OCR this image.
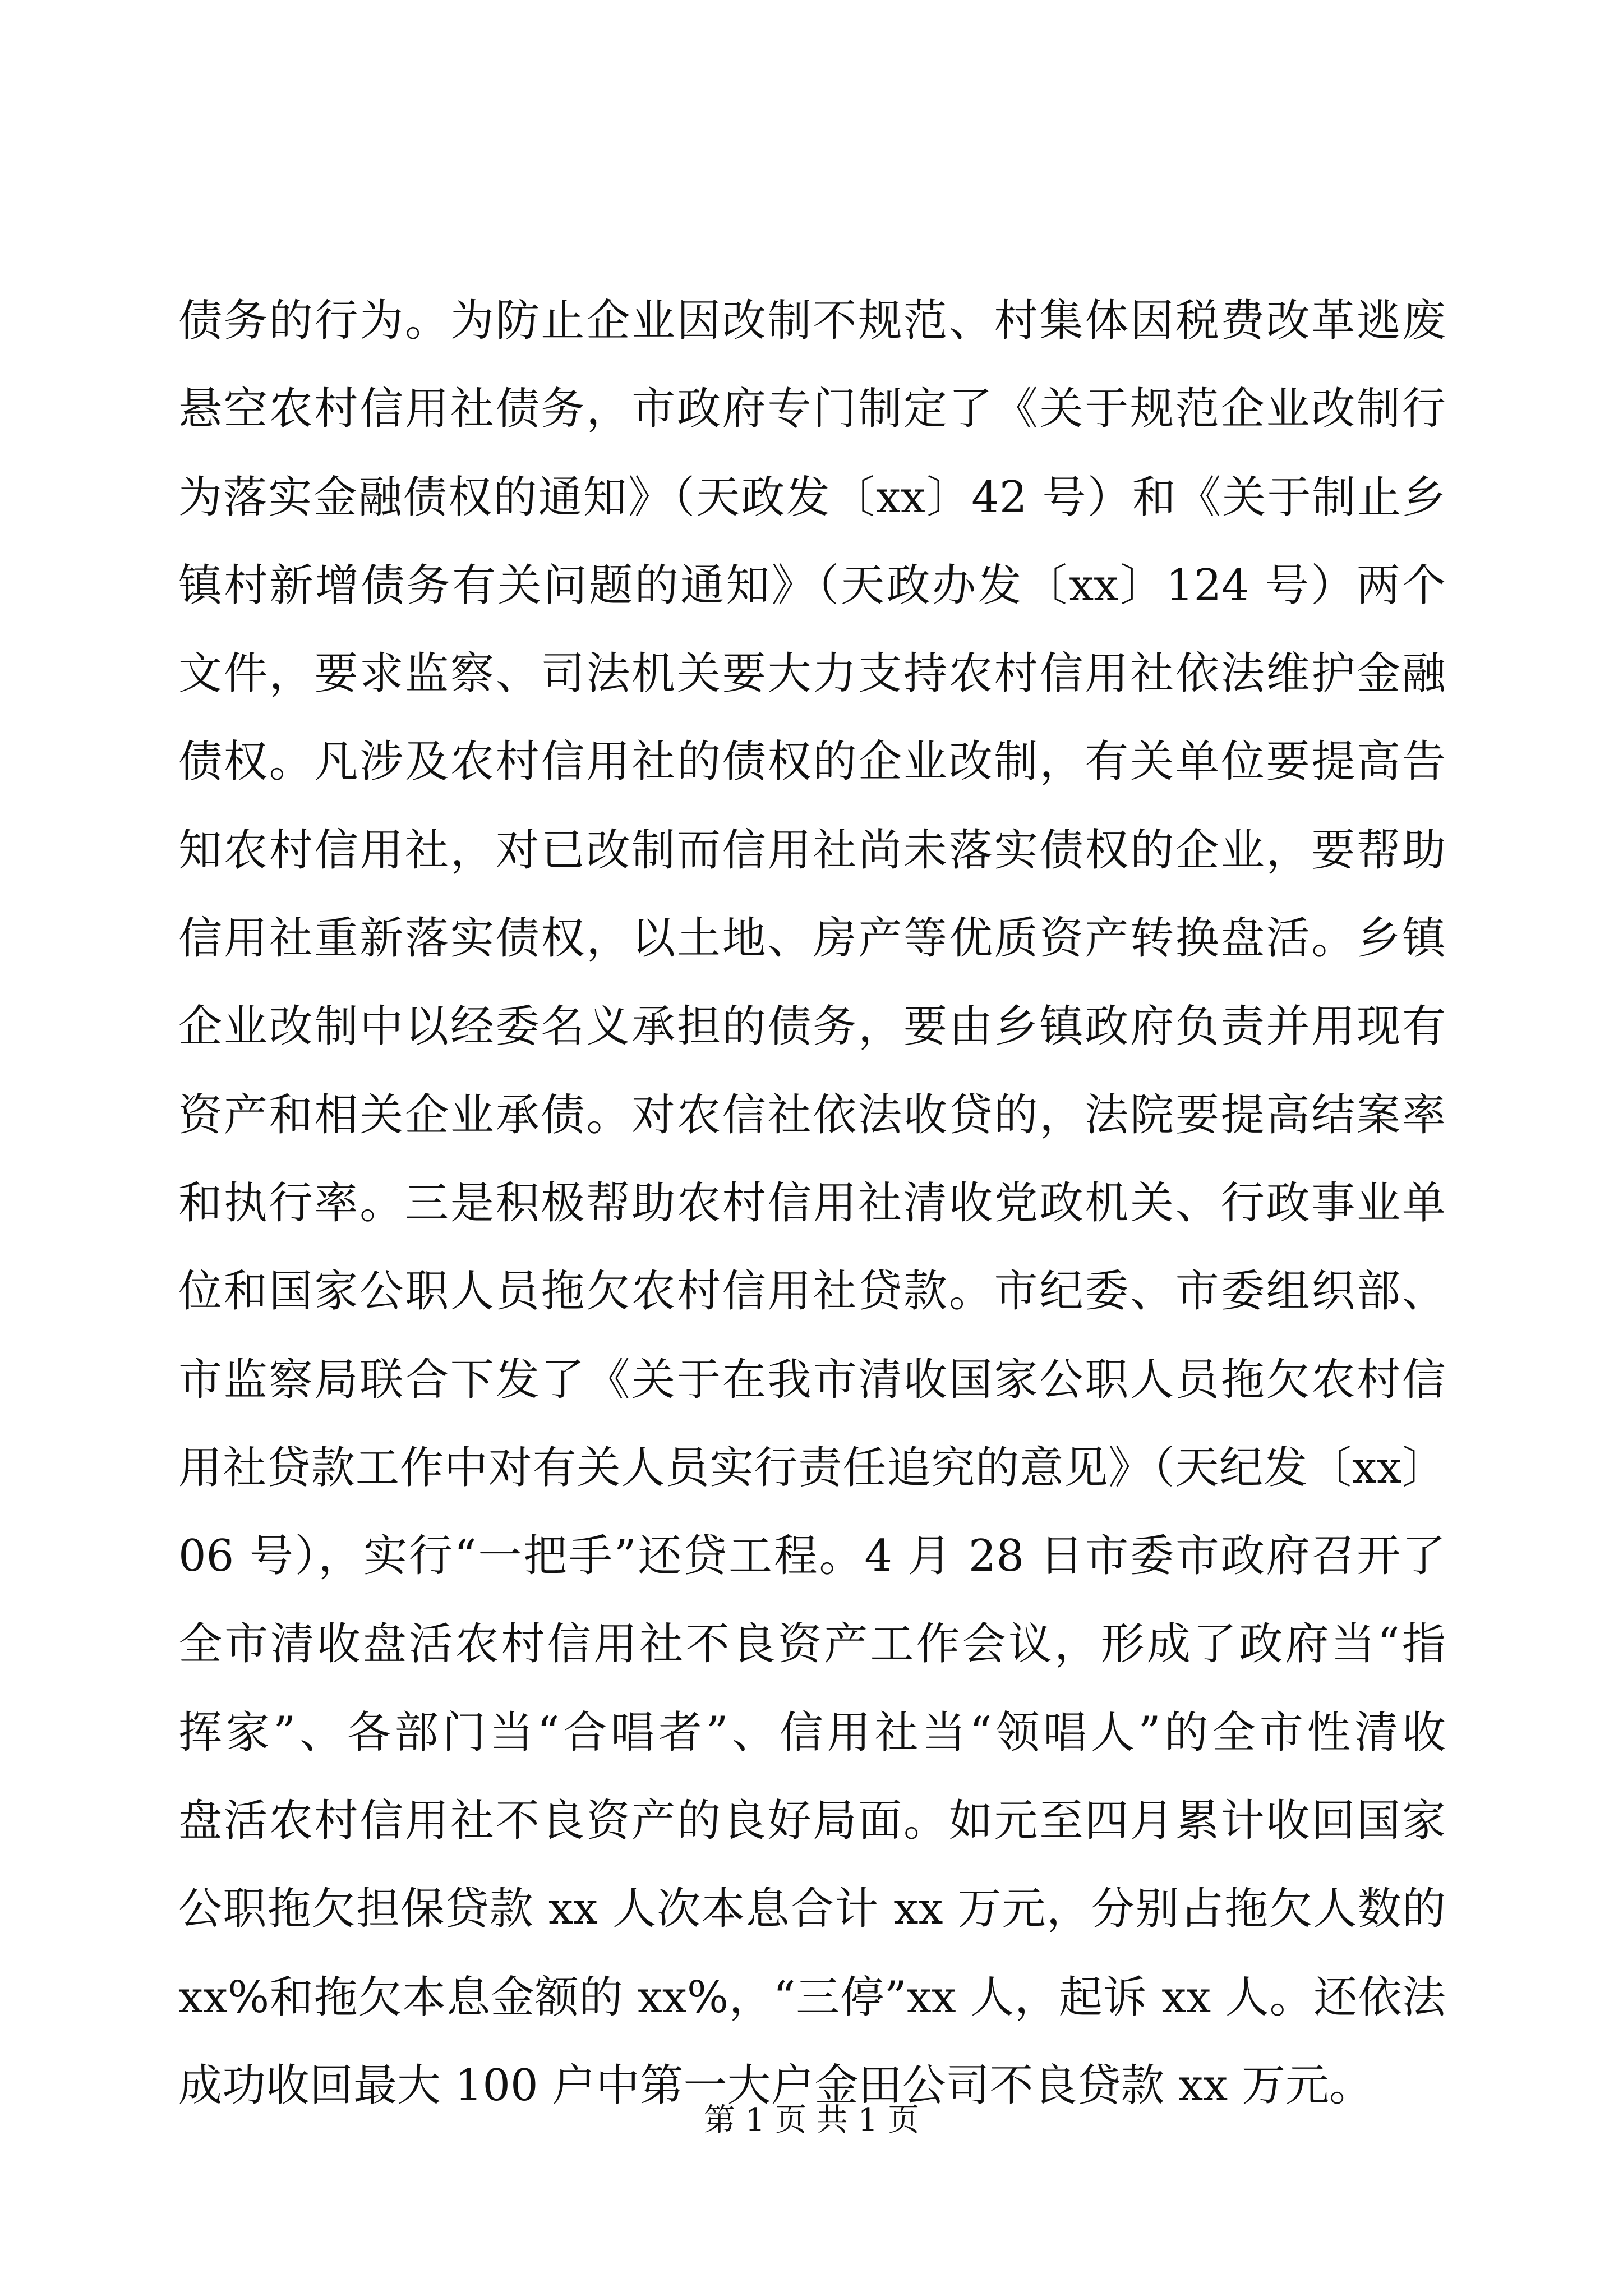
债务的行为。为防止企业因改制不规范、村集体因税费改革逃废
悬空农村信用社债务，市政府专门制定了《关于规范企业改制行
为落实金融债权的通知》（天政发〔xx〕42 号）和《关于制止乡
镇村新增债务有关问题的通知》（天政办发〔xx〕124 号）两个
文件，要求监察、司法机关要大力支持农村信用社依法维护金融
债权。凡涉及农村信用社的债权的企业改制，有关单位要提高告
知农村信用社，对已改制而信用社尚未落实债权的企业，要帮助
信用社重新落实债权，以土地、房产等优质资产转换盘活。乡镇
企业改制中以经委名义承担的债务，要由乡镇政府负责并用现有
资产和相关企业承债。对农信社依法收贷的，法院要提高结案率
和执行率。三是积极帮助农村信用社清收党政机关、行政事业单
位和国家公职人员拖欠农村信用社贷款。市纪委、市委组织部、
市监察局联合下发了《关于在我市清收国家公职人员拖欠农村信
用社贷款工作中对有关人员实行责任追究的意见》（天纪发〔xx〕
06 号），实行“一把手”还贷工程。4 月 28 日市委市政府召开了
全市清收盘活农村信用社不良资产工作会议，形成了政府当“指
挥家”、各部门当“合唱者”、信用社当“领唱人”的全市性清收
盘活农村信用社不良资产的良好局面。如元至四月累计收回国家
公职拖欠担保贷款 xx 人次本息合计 xx 万元，分别占拖欠人数的
xx%和拖欠本息金额的 xx%，“三停”xx 人，起诉 xx 人。还依法
成功收回最大 100 户中第一大户金田公司不良贷款 xx 万元。
第 1 页 共 1 页
